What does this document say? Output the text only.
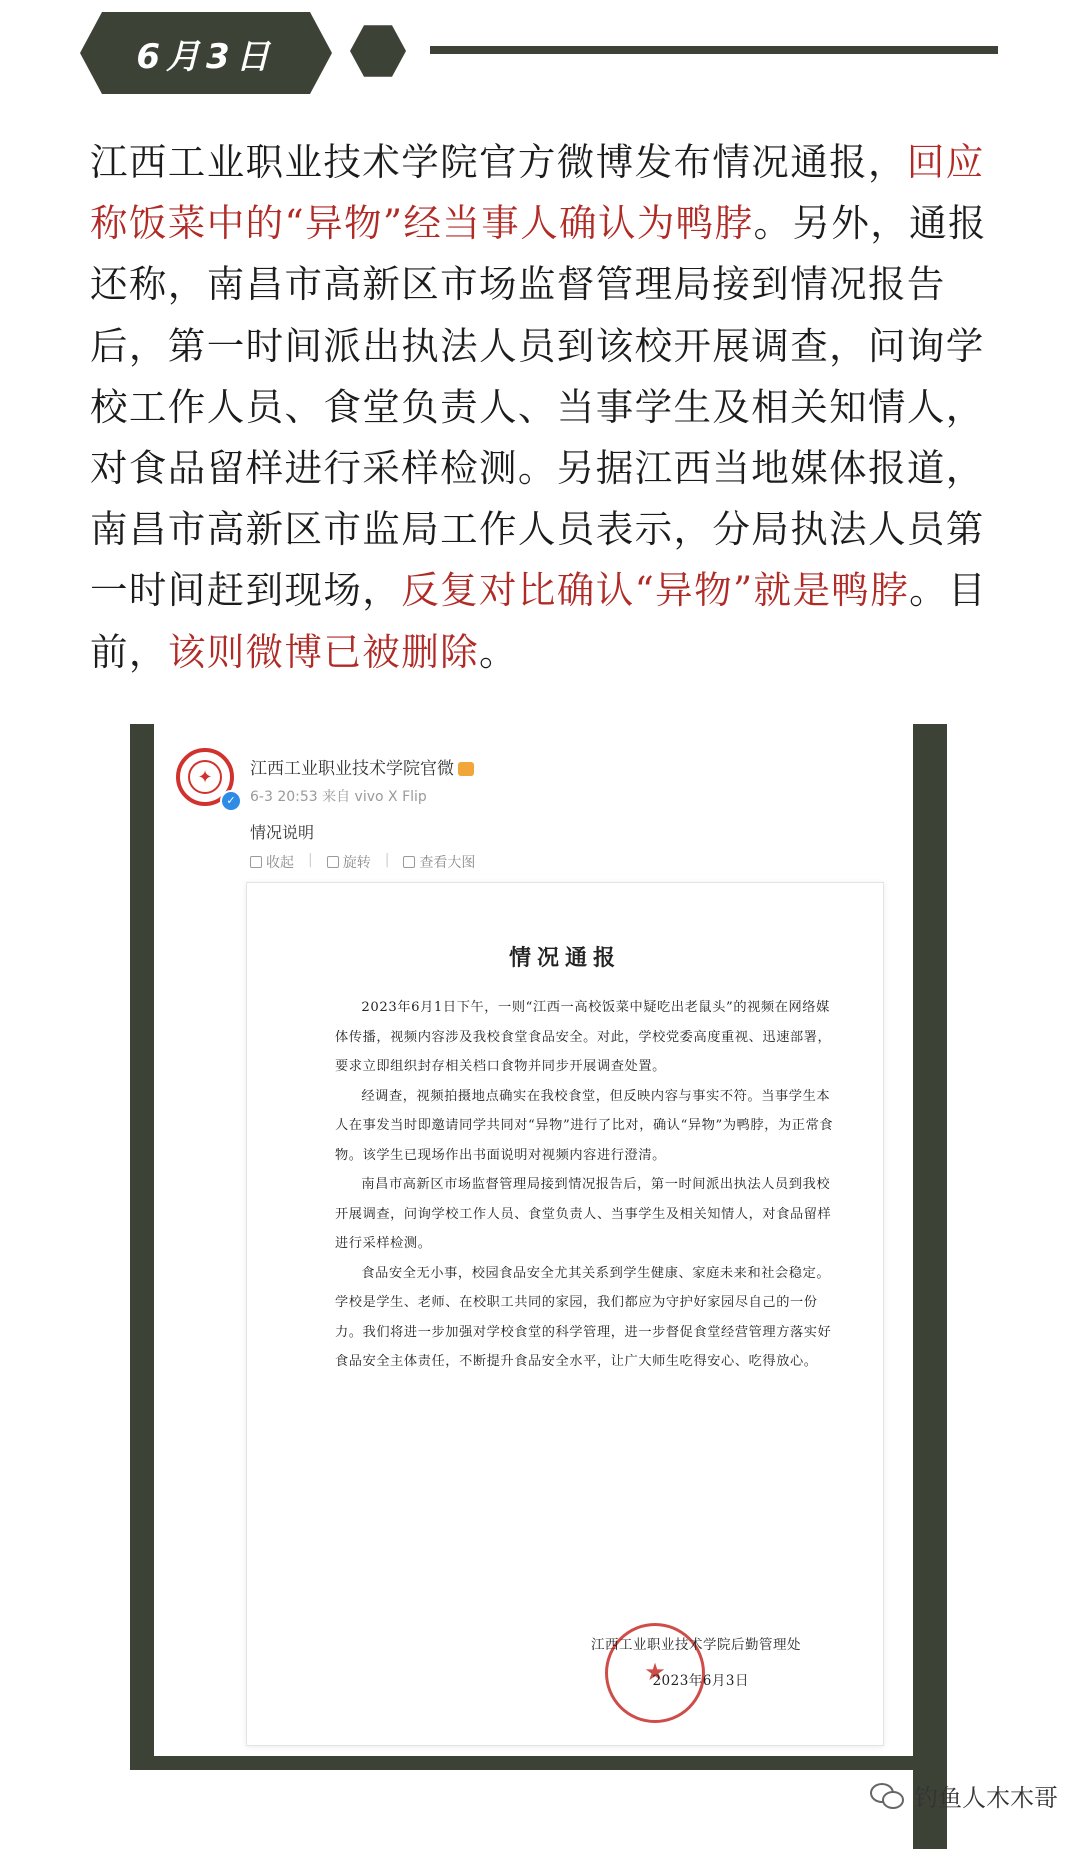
6月3日

江西工业职业技术学院官方微博发布情况通报，回应称饭菜中的“异物”经当事人确认为鸭脖。另外，通报还称，南昌市高新区市场监督管理局接到情况报告后，第一时间派出执法人员到该校开展调查，问询学校工作人员、食堂负责人、当事学生及相关知情人，对食品留样进行采样检测。另据江西当地媒体报道，南昌市高新区市监局工作人员表示，分局执法人员第一时间赶到现场，反复对比确认“异物”就是鸭脖。目前，该则微博已被删除。

✦
✓
江西工业职业技术学院官微
6-3 20:53 来自 vivo X Flip
情况说明
收起 | 旋转 | 查看大图
情况通报

2023年6月1日下午，一则“江西一高校饭菜中疑吃出老鼠头”的视频在网络媒体传播，视频内容涉及我校食堂食品安全。对此，学校党委高度重视、迅速部署，要求立即组织封存相关档口食物并同步开展调查处置。

经调查，视频拍摄地点确实在我校食堂，但反映内容与事实不符。当事学生本人在事发当时即邀请同学共同对“异物”进行了比对，确认“异物”为鸭脖，为正常食物。该学生已现场作出书面说明对视频内容进行澄清。

南昌市高新区市场监督管理局接到情况报告后，第一时间派出执法人员到我校开展调查，问询学校工作人员、食堂负责人、当事学生及相关知情人，对食品留样进行采样检测。

食品安全无小事，校园食品安全尤其关系到学生健康、家庭未来和社会稳定。学校是学生、老师、在校职工共同的家园，我们都应为守护好家园尽自己的一份力。我们将进一步加强对学校食堂的科学管理，进一步督促食堂经营管理方落实好食品安全主体责任，不断提升食品安全水平，让广大师生吃得安心、吃得放心。

★
江西工业职业技术学院后勤管理处
2023年6月3日
钓鱼人木木哥
